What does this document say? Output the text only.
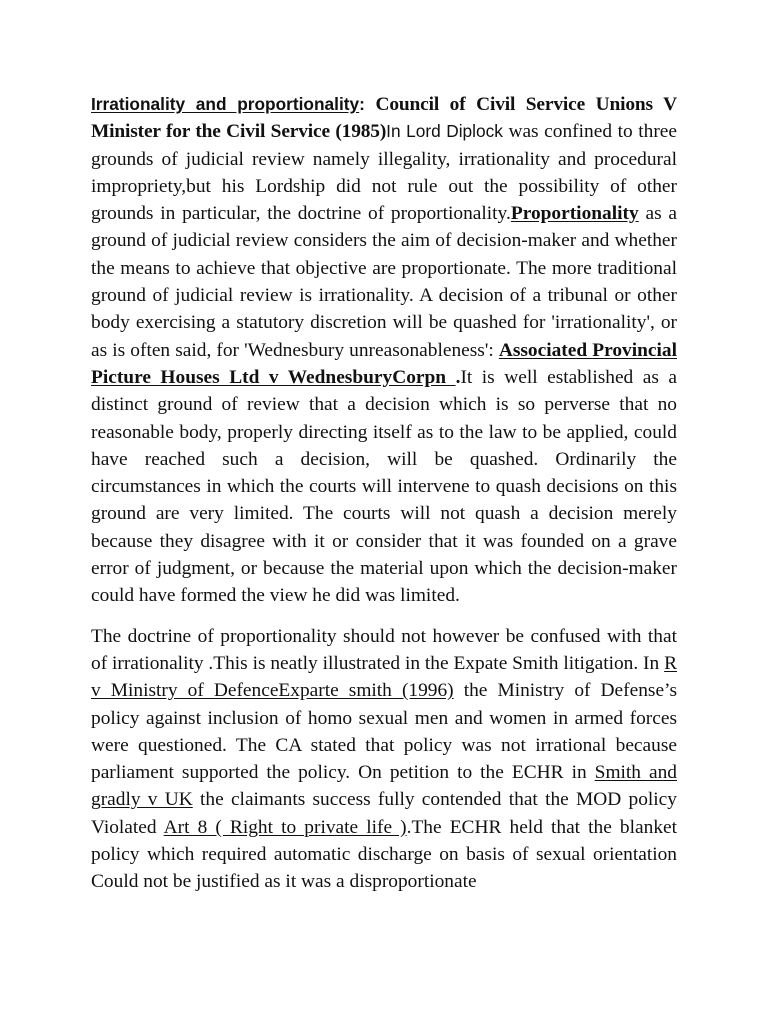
Irrationality and proportionality: Council of Civil Service Unions V Minister for the Civil Service (1985)In Lord Diplock was confined to three grounds of judicial review namely illegality, irrationality and procedural impropriety,but his Lordship did not rule out the possibility of other grounds in particular, the doctrine of proportionality.Proportionality as a ground of judicial review considers the aim of decision-maker and whether the means to achieve that objective are proportionate. The more traditional ground of judicial review is irrationality. A decision of a tribunal or other body exercising a statutory discretion will be quashed for 'irrationality', or as is often said, for 'Wednesbury unreasonableness': Associated Provincial Picture Houses Ltd v WednesburyCorpn .It is well established as a distinct ground of review that a decision which is so perverse that no reasonable body, properly directing itself as to the law to be applied, could have reached such a decision, will be quashed. Ordinarily the circumstances in which the courts will intervene to quash decisions on this ground are very limited. The courts will not quash a decision merely because they disagree with it or consider that it was founded on a grave error of judgment, or because the material upon which the decision-maker could have formed the view he did was limited.

The doctrine of proportionality should not however be confused with that of irrationality .This is neatly illustrated in the Expate Smith litigation. In R v Ministry of DefenceExparte smith (1996) the Ministry of Defense’s policy against inclusion of homo sexual men and women in armed forces were questioned. The CA stated that policy was not irrational because parliament supported the policy. On petition to the ECHR in Smith and gradly v UK the claimants success fully contended that the MOD policy Violated Art 8 ( Right to private life ).The ECHR held that the blanket policy which required automatic discharge on basis of sexual orientation Could not be justified as it was a disproportionate
